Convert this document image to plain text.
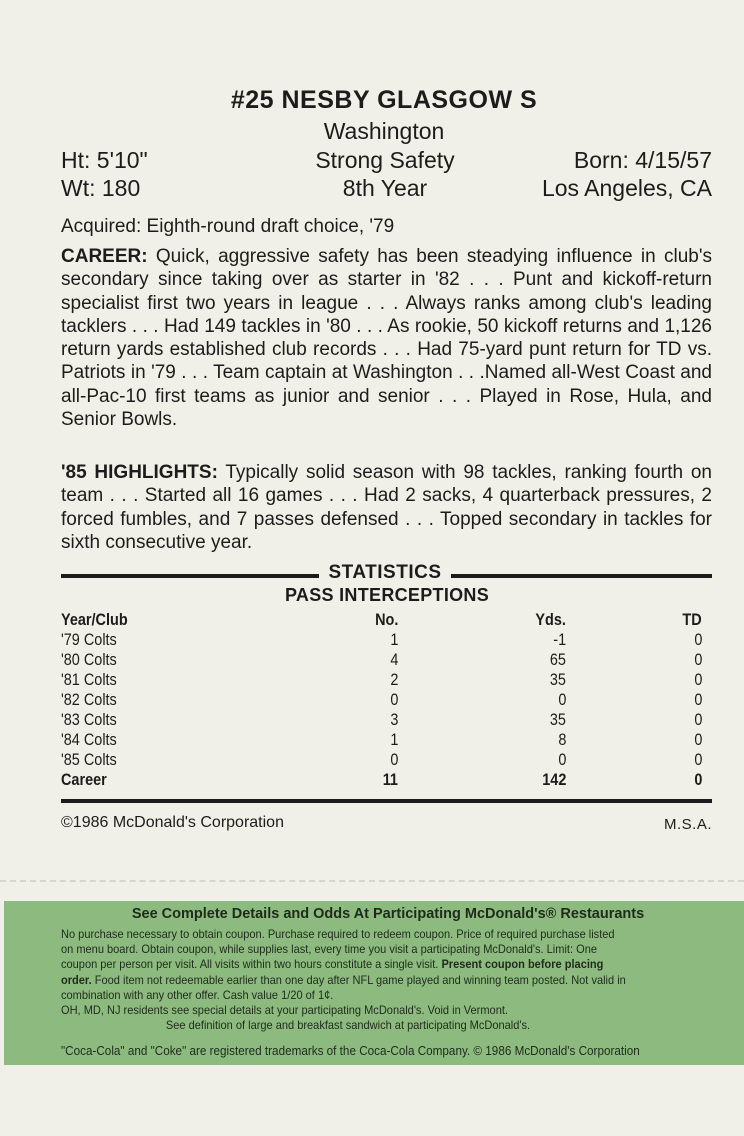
#25 NESBY GLASGOW S
Washington
Ht: 5'10"	Strong Safety	Born: 4/15/57
Wt: 180	8th Year	Los Angeles, CA
Acquired: Eighth-round draft choice, '79
CAREER: Quick, aggressive safety has been steadying influence in club's secondary since taking over as starter in '82 . . . Punt and kickoff-return specialist first two years in league . . . Always ranks among club's leading tacklers . . . Had 149 tackles in '80 . . . As rookie, 50 kickoff returns and 1,126 return yards established club records . . . Had 75-yard punt return for TD vs. Patriots in '79 . . . Team captain at Washington . . .Named all-West Coast and all-Pac-10 first teams as junior and senior . . . Played in Rose, Hula, and Senior Bowls.
'85 HIGHLIGHTS: Typically solid season with 98 tackles, ranking fourth on team . . . Started all 16 games . . . Had 2 sacks, 4 quarterback pressures, 2 forced fumbles, and 7 passes defensed . . . Topped secondary in tackles for sixth consecutive year.
STATISTICS
PASS INTERCEPTIONS
Year/Club	No.	Yds.	TD
'79 Colts	1	-1	0
'80 Colts	4	65	0
'81 Colts	2	35	0
'82 Colts	0	0	0
'83 Colts	3	35	0
'84 Colts	1	8	0
'85 Colts	0	0	0
Career	11	142	0
©1986 McDonald's Corporation	M.S.A.
See Complete Details and Odds At Participating McDonald's® Restaurants

No purchase necessary to obtain coupon. Purchase required to redeem coupon. Price of required purchase listed

on menu board. Obtain coupon, while supplies last, every time you visit a participating McDonald's. Limit: One

coupon per person per visit. All visits within two hours constitute a single visit. Present coupon before placing

order. Food item not redeemable earlier than one day after NFL game played and winning team posted. Not valid in

combination with any other offer. Cash value 1/20 of 1¢.

OH, MD, NJ residents see special details at your participating McDonald's. Void in Vermont.

See definition of large and breakfast sandwich at participating McDonald's.

"Coca-Cola" and "Coke" are registered trademarks of the Coca-Cola Company. © 1986 McDonald's Corporation
